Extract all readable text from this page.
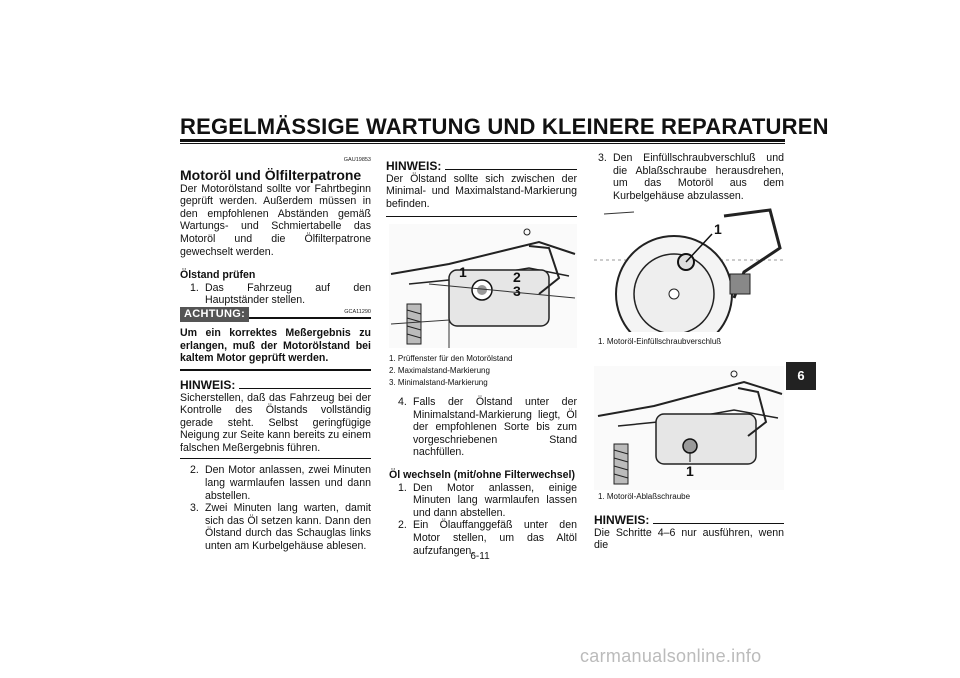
REGELMÄSSIGE WARTUNG UND KLEINERE REPARATUREN
GAU19853
Motoröl und Ölfilterpatrone
Der Motorölstand sollte vor Fahrtbeginn geprüft werden. Außerdem müssen in den empfohlenen Abständen gemäß Wartungs- und Schmiertabelle das Motoröl und die Ölfilterpatrone gewechselt werden.
Ölstand prüfen
1. Das Fahrzeug auf den Hauptständer stellen.
ACHTUNG:	GCA11290
Um ein korrektes Meßergebnis zu erlangen, muß der Motorölstand bei kaltem Motor geprüft werden.
HINWEIS:
Sicherstellen, daß das Fahrzeug bei der Kontrolle des Ölstands vollständig gerade steht. Selbst geringfügige Neigung zur Seite kann bereits zu einem falschen Meßergebnis führen.
2. Den Motor anlassen, zwei Minuten lang warmlaufen lassen und dann abstellen.
3. Zwei Minuten lang warten, damit sich das Öl setzen kann. Dann den Ölstand durch das Schauglas links unten am Kurbelgehäuse ablesen.
HINWEIS:
Der Ölstand sollte sich zwischen der Minimal- und Maximalstand-Markierung befinden.
1	2
3
1. Prüffenster für den Motorölstand
2. Maximalstand-Markierung
3. Minimalstand-Markierung
4. Falls der Ölstand unter der Minimalstand-Markierung liegt, Öl der empfohlenen Sorte bis zum vorgeschriebenen Stand nachfüllen.
Öl wechseln (mit/ohne Filterwechsel)
1. Den Motor anlassen, einige Minuten lang warmlaufen lassen und dann abstellen.
2. Ein Ölauffanggefäß unter den Motor stellen, um das Altöl aufzufangen.
3. Den Einfüllschraubverschluß und die Ablaßschraube herausdrehen, um das Motoröl aus dem Kurbelgehäuse abzulassen.
1
1. Motoröl-Einfüllschraubverschluß
1
1. Motoröl-Ablaßschraube
HINWEIS:
Die Schritte 4–6 nur ausführen, wenn die
6
6-11
carmanualsonline.info
